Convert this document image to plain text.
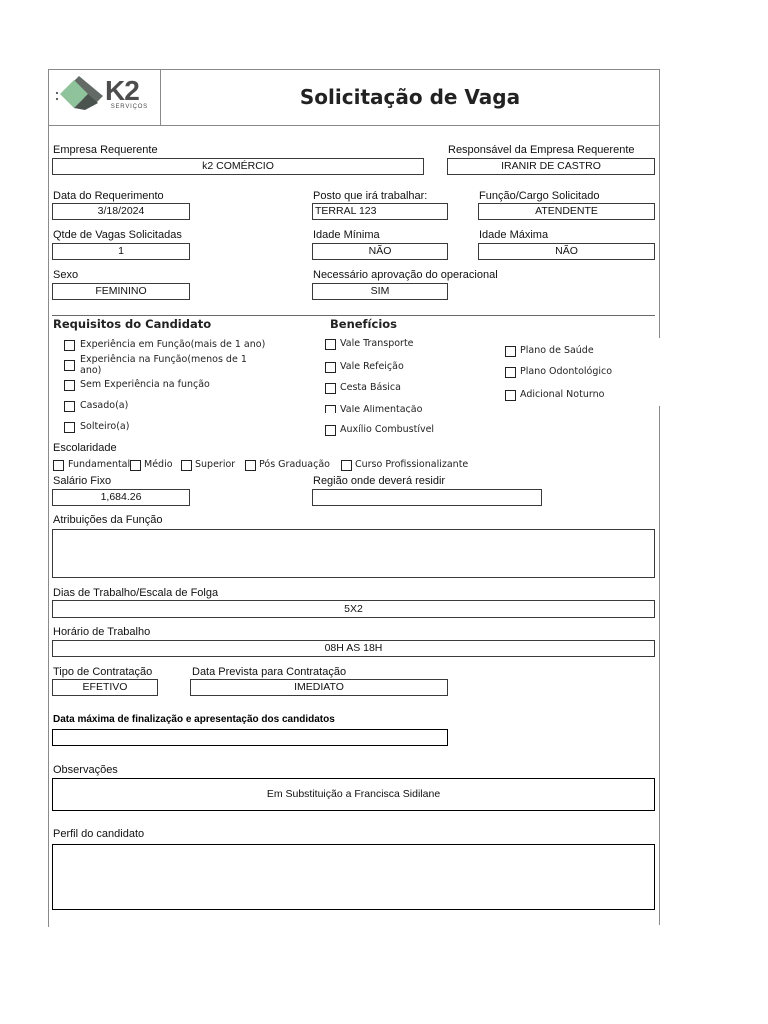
K2
SERVIÇOS	Solicitação de Vaga
Empresa Requerente
k2 COMÉRCIO
Responsável da Empresa Requerente
IRANIR DE CASTRO
Data do Requerimento
3/18/2024
Posto que irá trabalhar:
TERRAL 123
Função/Cargo Solicitado
ATENDENTE
Qtde de Vagas Solicitadas
1
Idade Mínima
NÃO
Idade Máxima
NÃO
Sexo
FEMININO
Necessário aprovação do operacional
SIM
Requisitos do Candidato	Benefícios
Experiência em Função(mais de 1 ano)
Experiência na Função(menos de 1 ano)
Sem Experiência na função
Casado(a)
Solteiro(a)
Vale Transporte
Vale Refeição
Cesta Básica
Vale Alimentação
Auxílio Combustível
Plano de Saúde
Plano Odontológico
Adicional Noturno
Escolaridade
Fundamental Médio Superior	Pós Graduação	Curso Profissionalizante
Salário Fixo
1,684.26
Região onde deverá residir
Atribuições da Função
Dias de Trabalho/Escala de Folga
5X2
Horário de Trabalho
08H AS 18H
Tipo de Contratação
EFETIVO
Data Prevista para Contratação
IMEDIATO
Data máxima de finalização e apresentação dos candidatos
Observações
Em Substituição a Francisca Sidilane
Perfil do candidato
